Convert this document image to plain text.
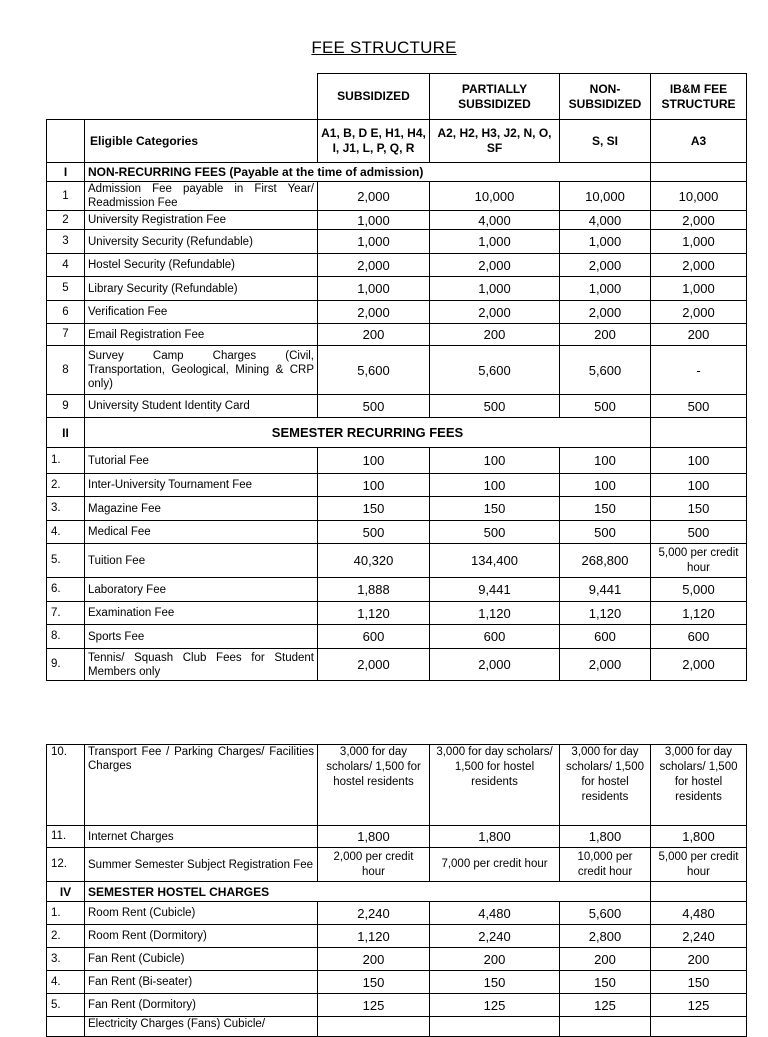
FEE STRUCTURE
		SUBSIDIZED	PARTIALLY SUBSIDIZED	NON-SUBSIDIZED	IB&M FEE STRUCTURE
	Eligible Categories	A1, B, D E, H1, H4, I, J1, L, P, Q, R	A2, H2, H3, J2, N, O, SF	S, SI	A3
I	NON-RECURRING FEES (Payable at the time of admission)				
1	Admission Fee payable in First Year/ Readmission Fee	2,000	10,000	10,000	10,000
2	University Registration Fee	1,000	4,000	4,000	2,000
3	University Security (Refundable)	1,000	1,000	1,000	1,000
4	Hostel Security (Refundable)	2,000	2,000	2,000	2,000
5	Library Security (Refundable)	1,000	1,000	1,000	1,000
6	Verification Fee	2,000	2,000	2,000	2,000
7	Email Registration Fee	200	200	200	200
8	Survey Camp Charges (Civil, Transportation, Geological, Mining & CRP only)	5,600	5,600	5,600	-
9	University Student Identity Card	500	500	500	500
II	SEMESTER RECURRING FEES				
1.	Tutorial Fee	100	100	100	100
2.	Inter-University Tournament Fee	100	100	100	100
3.	Magazine Fee	150	150	150	150
4.	Medical Fee	500	500	500	500
5.	Tuition Fee	40,320	134,400	268,800	5,000 per credit hour
6.	Laboratory Fee	1,888	9,441	9,441	5,000
7.	Examination Fee	1,120	1,120	1,120	1,120
8.	Sports Fee	600	600	600	600
9.	Tennis/ Squash Club Fees for Student Members only	2,000	2,000	2,000	2,000
10.	Transport Fee / Parking Charges/ Facilities Charges	3,000 for day scholars/ 1,500 for hostel residents	3,000 for day scholars/ 1,500 for hostel residents	3,000 for day scholars/ 1,500 for hostel residents	3,000 for day scholars/ 1,500 for hostel residents
11.	Internet Charges	1,800	1,800	1,800	1,800
12.	Summer Semester Subject Registration Fee	2,000 per credit hour	7,000 per credit hour	10,000 per credit hour	5,000 per credit hour
IV	SEMESTER HOSTEL CHARGES				
1.	Room Rent (Cubicle)	2,240	4,480	5,600	4,480
2.	Room Rent (Dormitory)	1,120	2,240	2,800	2,240
3.	Fan Rent (Cubicle)	200	200	200	200
4.	Fan Rent (Bi-seater)	150	150	150	150
5.	Fan Rent (Dormitory)	125	125	125	125
	Electricity Charges (Fans) Cubicle/				
